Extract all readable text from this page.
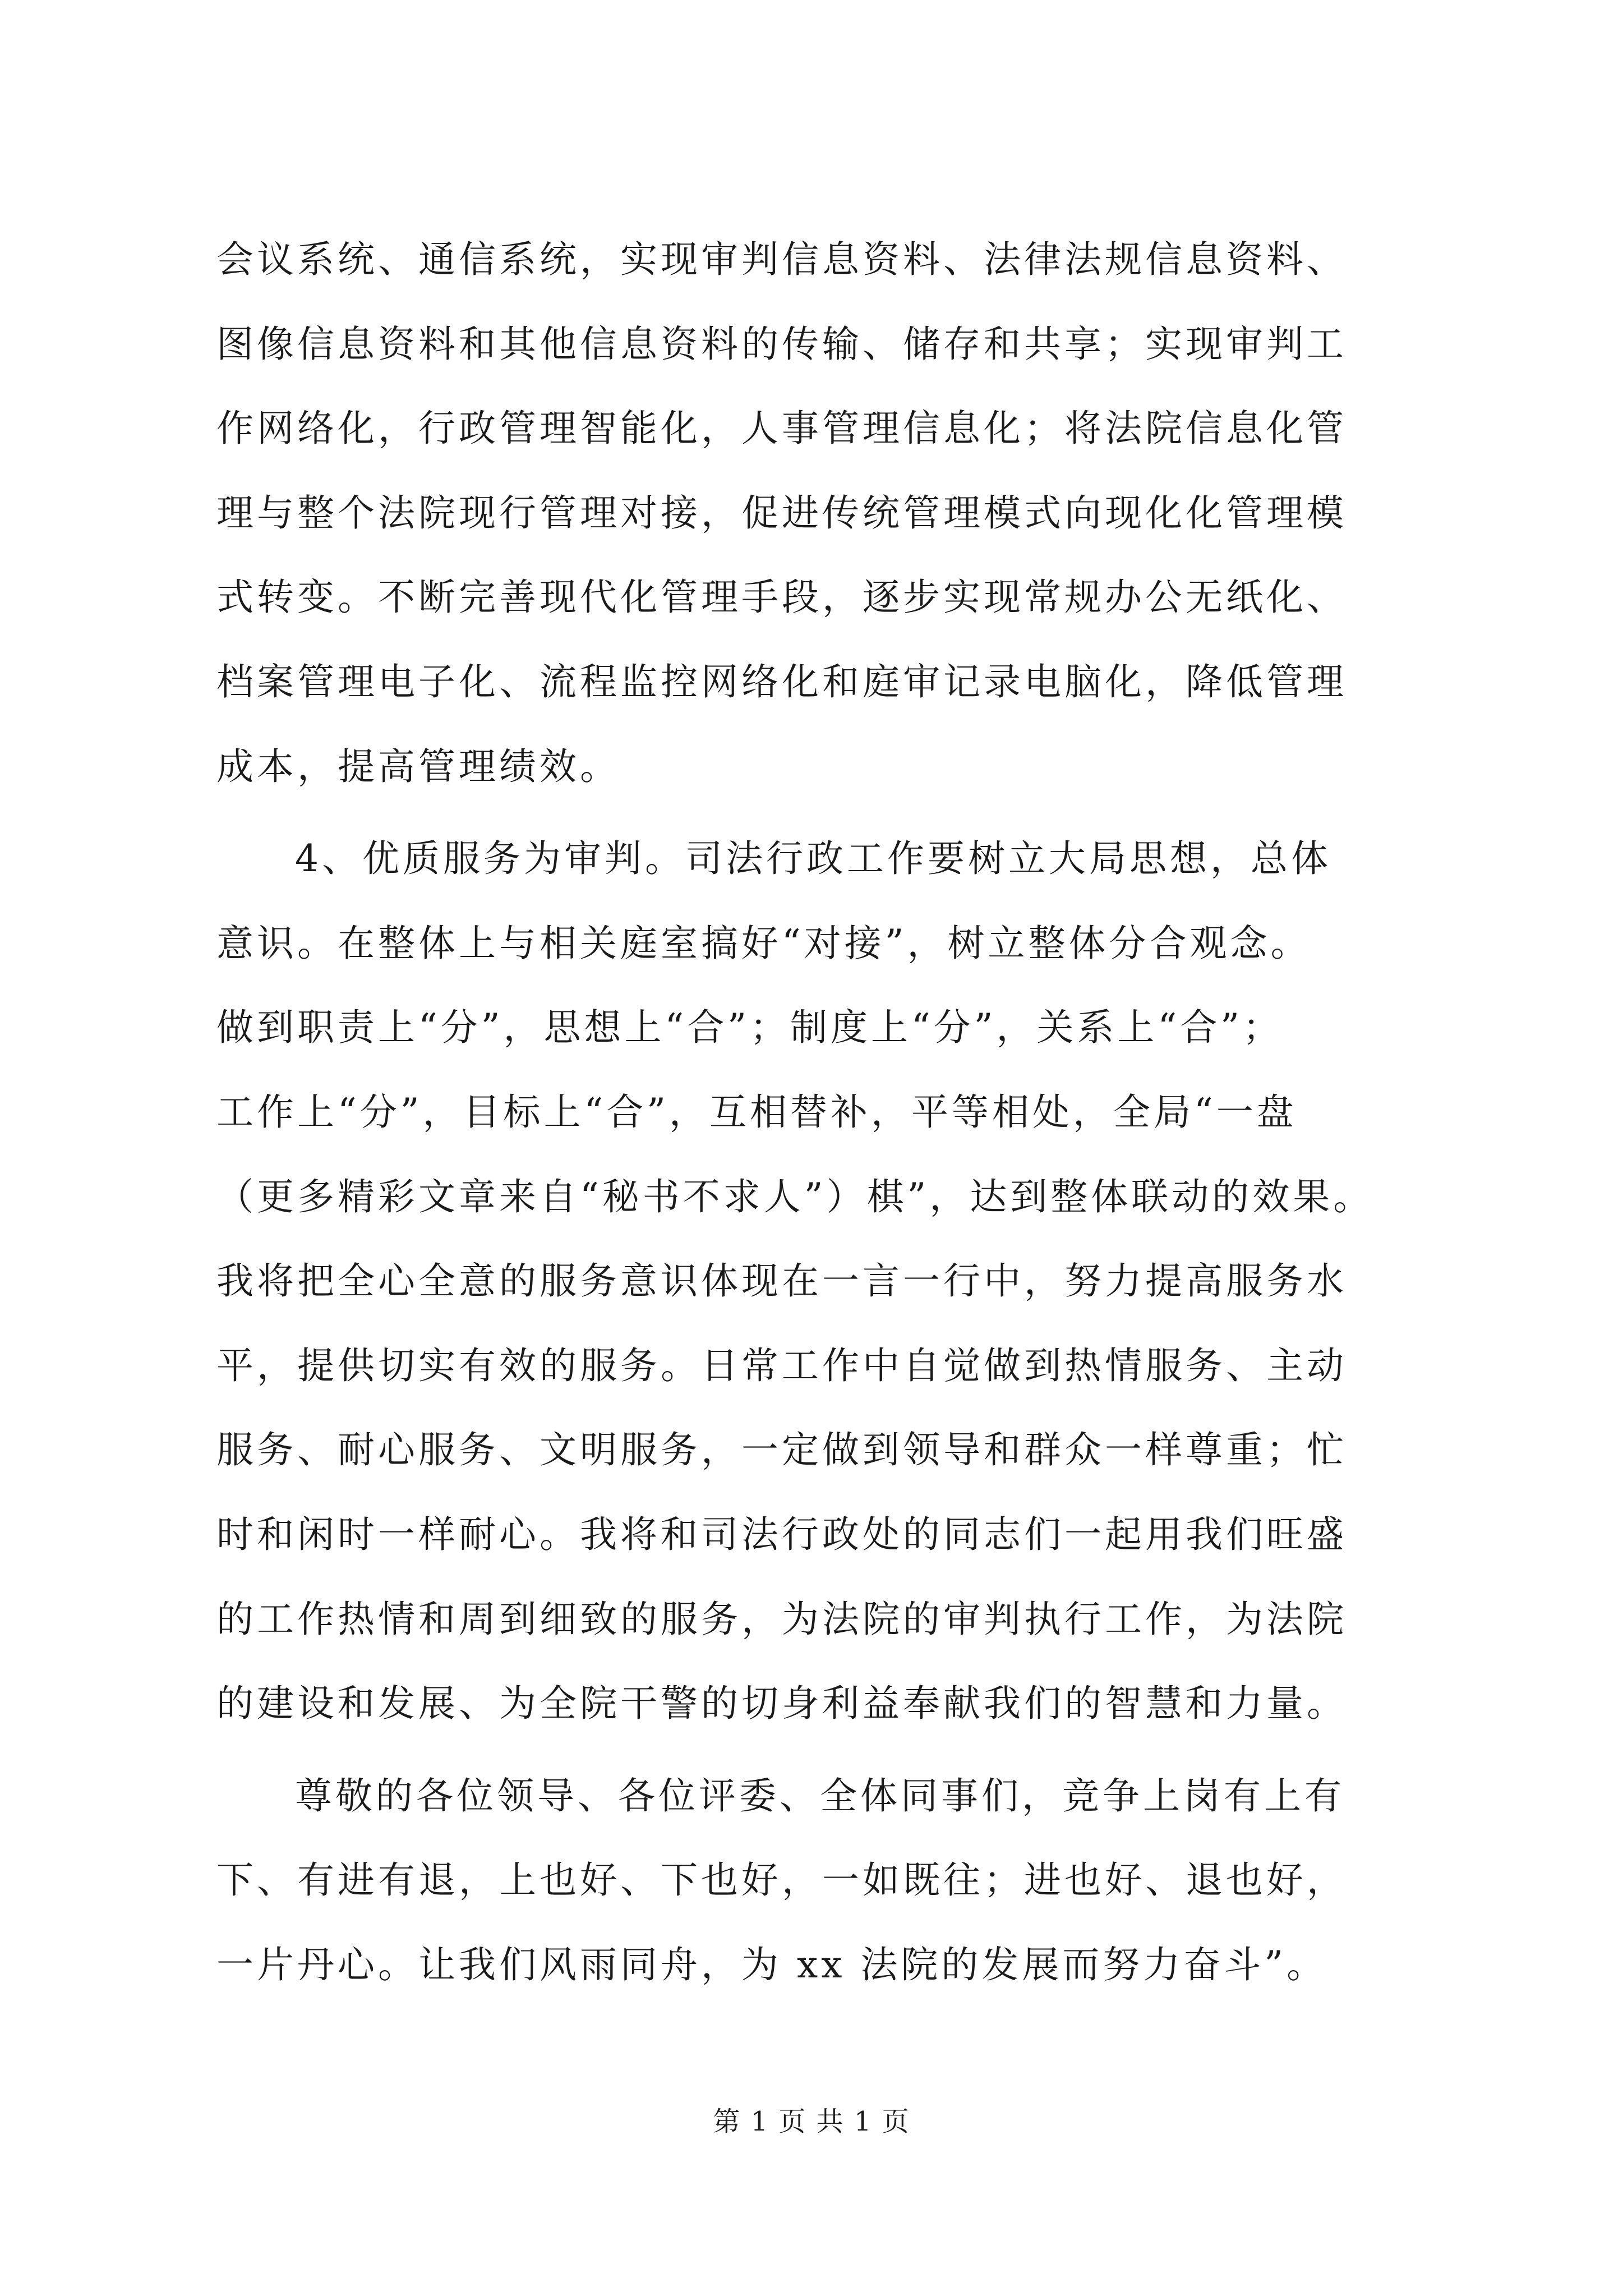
会议系统、通信系统，实现审判信息资料、法律法规信息资料、
图像信息资料和其他信息资料的传输、储存和共享；实现审判工
作网络化，行政管理智能化，人事管理信息化；将法院信息化管
理与整个法院现行管理对接，促进传统管理模式向现化化管理模
式转变。不断完善现代化管理手段，逐步实现常规办公无纸化、
档案管理电子化、流程监控网络化和庭审记录电脑化，降低管理
成本，提高管理绩效。
4、优质服务为审判。司法行政工作要树立大局思想，总体
意识。在整体上与相关庭室搞好“对接”，树立整体分合观念。
做到职责上“分”，思想上“合”；制度上“分”，关系上“合”；
工作上“分”，目标上“合”，互相替补，平等相处，全局“一盘
（更多精彩文章来自“秘书不求人”）棋”，达到整体联动的效果。
我将把全心全意的服务意识体现在一言一行中，努力提高服务水
平，提供切实有效的服务。日常工作中自觉做到热情服务、主动
服务、耐心服务、文明服务，一定做到领导和群众一样尊重；忙
时和闲时一样耐心。我将和司法行政处的同志们一起用我们旺盛
的工作热情和周到细致的服务，为法院的审判执行工作，为法院
的建设和发展、为全院干警的切身利益奉献我们的智慧和力量。
尊敬的各位领导、各位评委、全体同事们，竞争上岗有上有
下、有进有退，上也好、下也好，一如既往；进也好、退也好，
一片丹心。让我们风雨同舟，为 xx 法院的发展而努力奋斗”。
第 1 页 共 1 页
